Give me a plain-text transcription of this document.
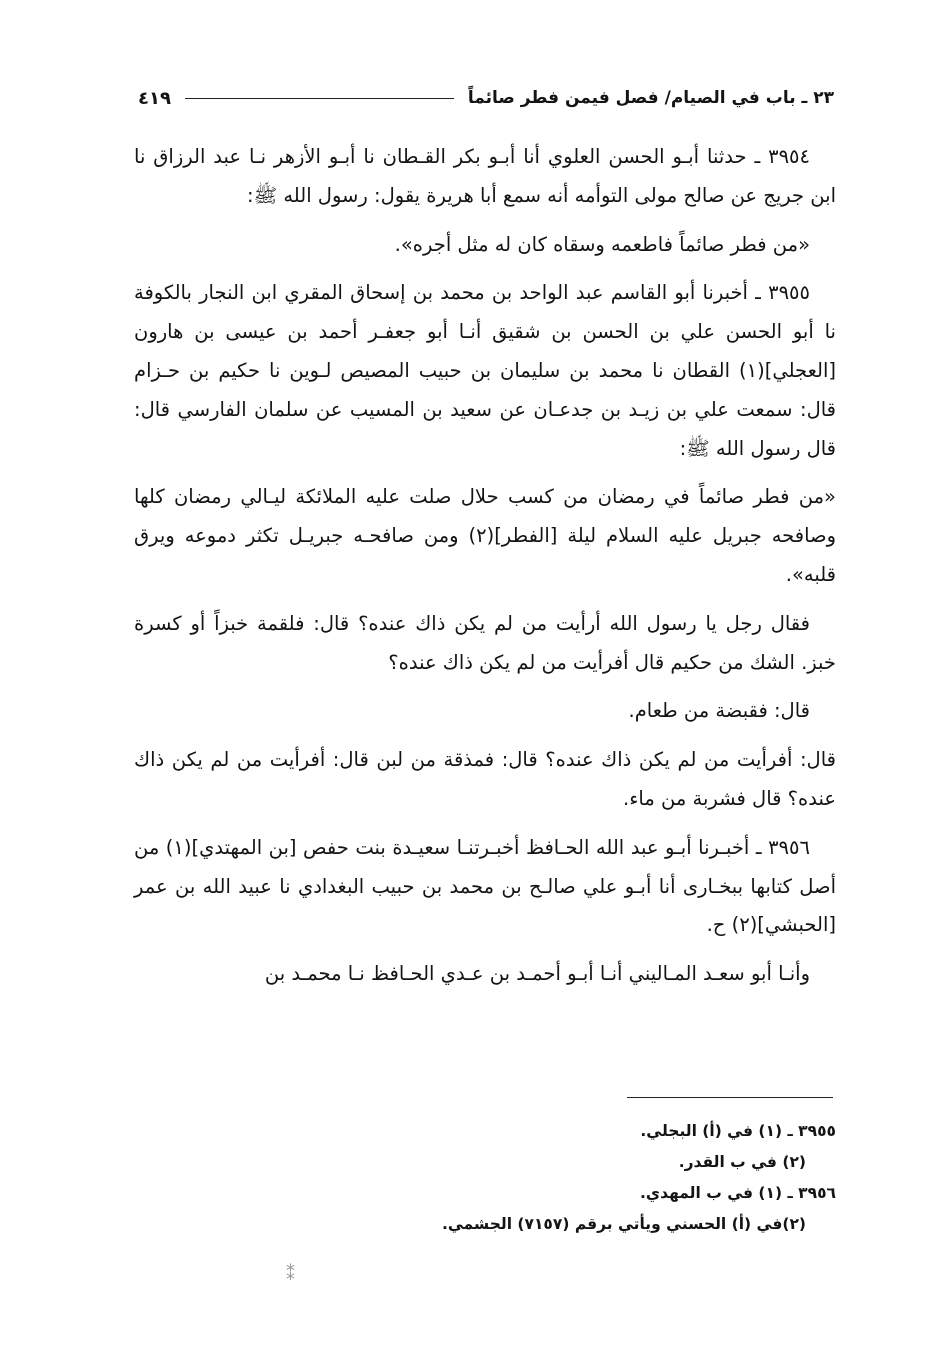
٢٣ ـ باب في الصيام/ فصل فيمن فطر صائماً
٤١٩

٣٩٥٤ ـ حدثنا أبـو الحسن العلوي أنا أبـو بكر القـطان نا أبـو الأزهر نـا عبد الرزاق نا ابن جريج عن صالح مولى التوأمه أنه سمع أبا هريرة يقول: رسول الله ﷺ:

«من فطر صائماً فاطعمه وسقاه كان له مثل أجره».

٣٩٥٥ ـ أخبرنا أبو القاسم عبد الواحد بن محمد بن إسحاق المقري ابن النجار بالكوفة نا أبو الحسن علي بن الحسن بن شقيق أنـا أبو جعفـر أحمد بن عيسى بن هارون [العجلي](١) القطان نا محمد بن سليمان بن حبيب المصيص لـوين نا حكيم بن حـزام قال: سمعت علي بن زيـد بن جدعـان عن سعيد بن المسيب عن سلمان الفارسي قال: قال رسول الله ﷺ:

«من فطر صائماً في رمضان من كسب حلال صلت عليه الملائكة ليـالي رمضان كلها وصافحه جبريل عليه السلام ليلة [الفطر](٢) ومن صافحـه جبريـل تكثر دموعه ويرق قلبه».

فقال رجل يا رسول الله أرأيت من لم يكن ذاك عنده؟ قال: فلقمة خبزاً أو كسرة خبز. الشك من حكيم قال أفرأيت من لم يكن ذاك عنده؟

قال: فقبضة من طعام.

قال: أفرأيت من لم يكن ذاك عنده؟ قال: فمذقة من لبن قال: أفرأيت من لم يكن ذاك عنده؟ قال فشربة من ماء.

٣٩٥٦ ـ أخبـرنا أبـو عبد الله الحـافظ أخبـرتنـا سعيـدة بنت حفص [بن المهتدي](١) من أصل كتابها ببخـارى أنا أبـو علي صالـح بن محمد بن حبيب البغدادي نا عبيد الله بن عمر [الحبشي](٢) ح.

وأنـا أبو سعـد المـاليني أنـا أبـو أحمـد بن عـدي الحـافظ نـا محمـد بن

٣٩٥٥ ـ (١) في (أ) البجلي.
(٢) في ب القدر.
٣٩٥٦ ـ (١) في ب المهدي.
(٢)في (أ) الحسني ويأتي برقم (٧١٥٧) الجشمي.
⁑
